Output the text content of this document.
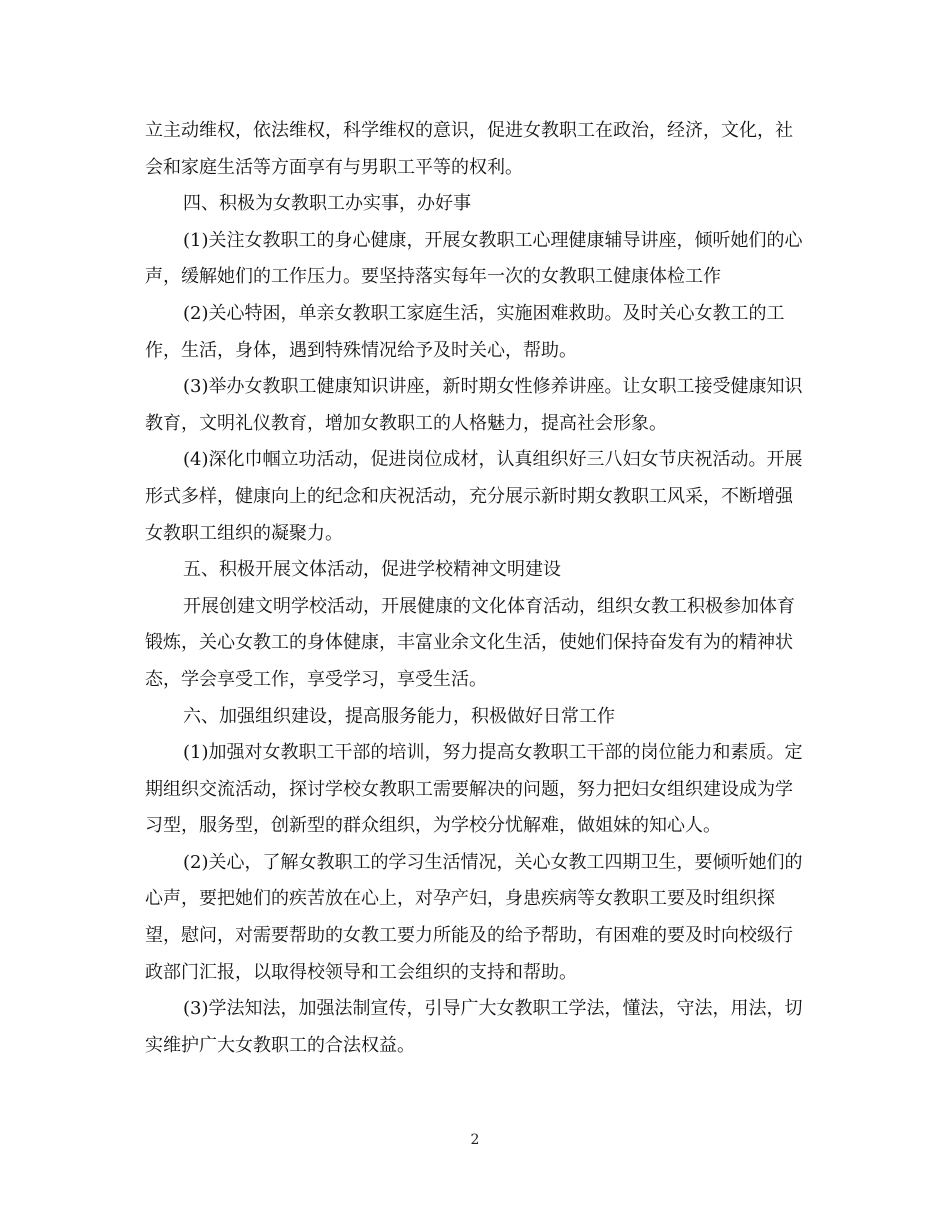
立主动维权，依法维权，科学维权的意识，促进女教职工在政治，经济，文化，社会和家庭生活等方面享有与男职工平等的权利。

四、积极为女教职工办实事，办好事

(1)关注女教职工的身心健康，开展女教职工心理健康辅导讲座，倾听她们的心声，缓解她们的工作压力。要坚持落实每年一次的女教职工健康体检工作

(2)关心特困，单亲女教职工家庭生活，实施困难救助。及时关心女教工的工作，生活，身体，遇到特殊情况给予及时关心，帮助。

(3)举办女教职工健康知识讲座，新时期女性修养讲座。让女职工接受健康知识教育，文明礼仪教育，增加女教职工的人格魅力，提高社会形象。

(4)深化巾帼立功活动，促进岗位成材，认真组织好三八妇女节庆祝活动。开展形式多样，健康向上的纪念和庆祝活动，充分展示新时期女教职工风采，不断增强女教职工组织的凝聚力。

五、积极开展文体活动，促进学校精神文明建设

开展创建文明学校活动，开展健康的文化体育活动，组织女教工积极参加体育锻炼，关心女教工的身体健康，丰富业余文化生活，使她们保持奋发有为的精神状态，学会享受工作，享受学习，享受生活。

六、加强组织建设，提高服务能力，积极做好日常工作

(1)加强对女教职工干部的培训，努力提高女教职工干部的岗位能力和素质。定期组织交流活动，探讨学校女教职工需要解决的问题，努力把妇女组织建设成为学习型，服务型，创新型的群众组织，为学校分忧解难，做姐妹的知心人。

(2)关心，了解女教职工的学习生活情况，关心女教工四期卫生，要倾听她们的心声，要把她们的疾苦放在心上，对孕产妇，身患疾病等女教职工要及时组织探望，慰问，对需要帮助的女教工要力所能及的给予帮助，有困难的要及时向校级行政部门汇报，以取得校领导和工会组织的支持和帮助。

(3)学法知法，加强法制宣传，引导广大女教职工学法，懂法，守法，用法，切实维护广大女教职工的合法权益。

2
